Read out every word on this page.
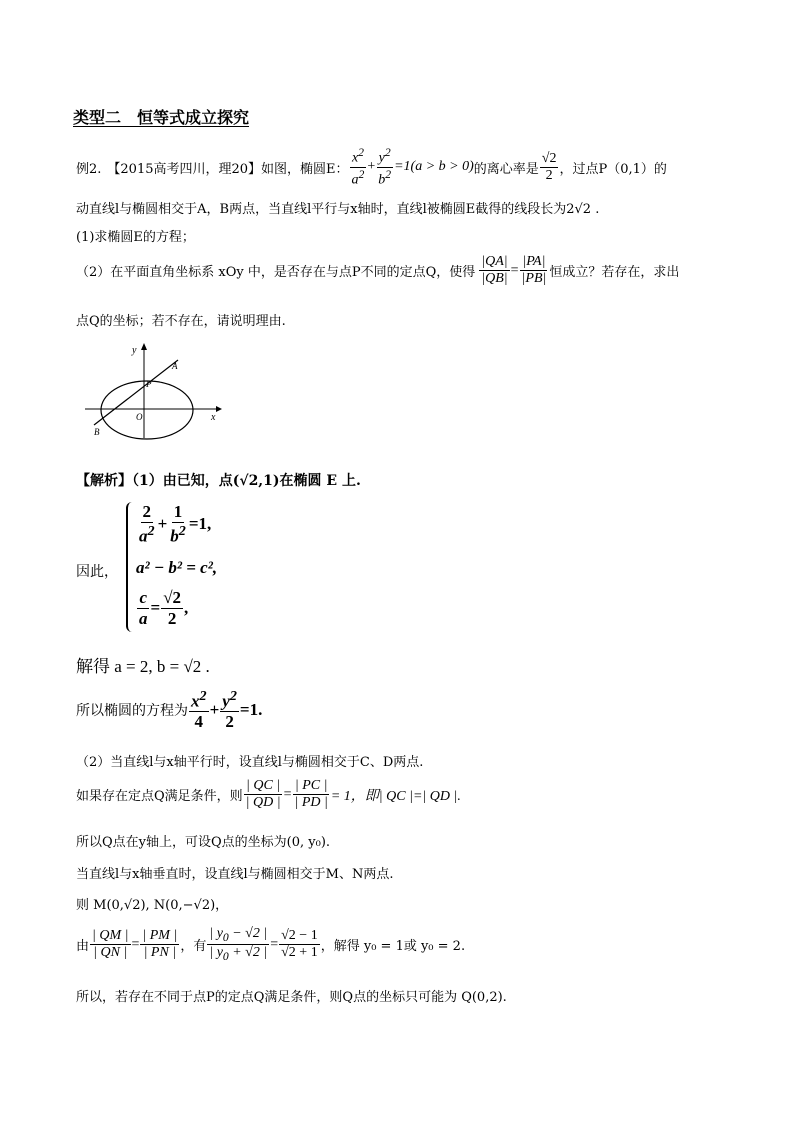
类型二　恒等式成立探究
例2. 【2015高考四川，理20】 如图，椭圆E： $\frac{x^2}{a^2} + \frac{y^2}{b^2} =1(a > b > 0)$ 的离心率是 $\frac{√2}{2}$ ，过点P（0,1）的
动直线l与椭圆相交于A，B两点，当直线l平行与x轴时，直线l被椭圆E截得的线段长为2√2 .
(1)求椭圆E的方程；
（2）在平面直角坐标系 xOy 中，是否存在与点P不同的定点Q，使得 $\frac{|QA|}{|QB|} = \frac{|PA|}{|PB|}$ 恒成立？若存在，求出
点Q的坐标；若不存在，请说明理由.
y
x
A
P
O
B
【解析】（1）由已知，点(√2,1)在椭圆 E 上.
因此，
$\frac{2}{a^2} + \frac{1}{b^2} =1$,
a² − b² = c²,
$\frac{c}{a} = \frac{√2}{2}$ ,
解得 a = 2, b = √2 .
所以椭圆的方程为 $\frac{x^2}{4} + \frac{y^2}{2} =1$.
（2）当直线l与x轴平行时，设直线l与椭圆相交于C、D两点.
如果存在定点Q满足条件，则 $\frac{| QC |}{| QD |} = \frac{| PC |}{| PD |} = 1$，即| QC |=| QD |.
所以Q点在y轴上，可设Q点的坐标为(0, y₀).
当直线l与x轴垂直时，设直线l与椭圆相交于M、N两点.
则 M(0,√2), N(0,−√2)，
由 $\frac{| QM |}{| QN |} = \frac{| PM |}{| PN |}$ ，有 $\frac{| y_0 - √2 |}{| y_0 + √2 |} = \frac{√2 - 1}{√2 + 1}$ ，解得 y₀ = 1或 y₀ = 2.
所以，若存在不同于点P的定点Q满足条件，则Q点的坐标只可能为 Q(0,2).
